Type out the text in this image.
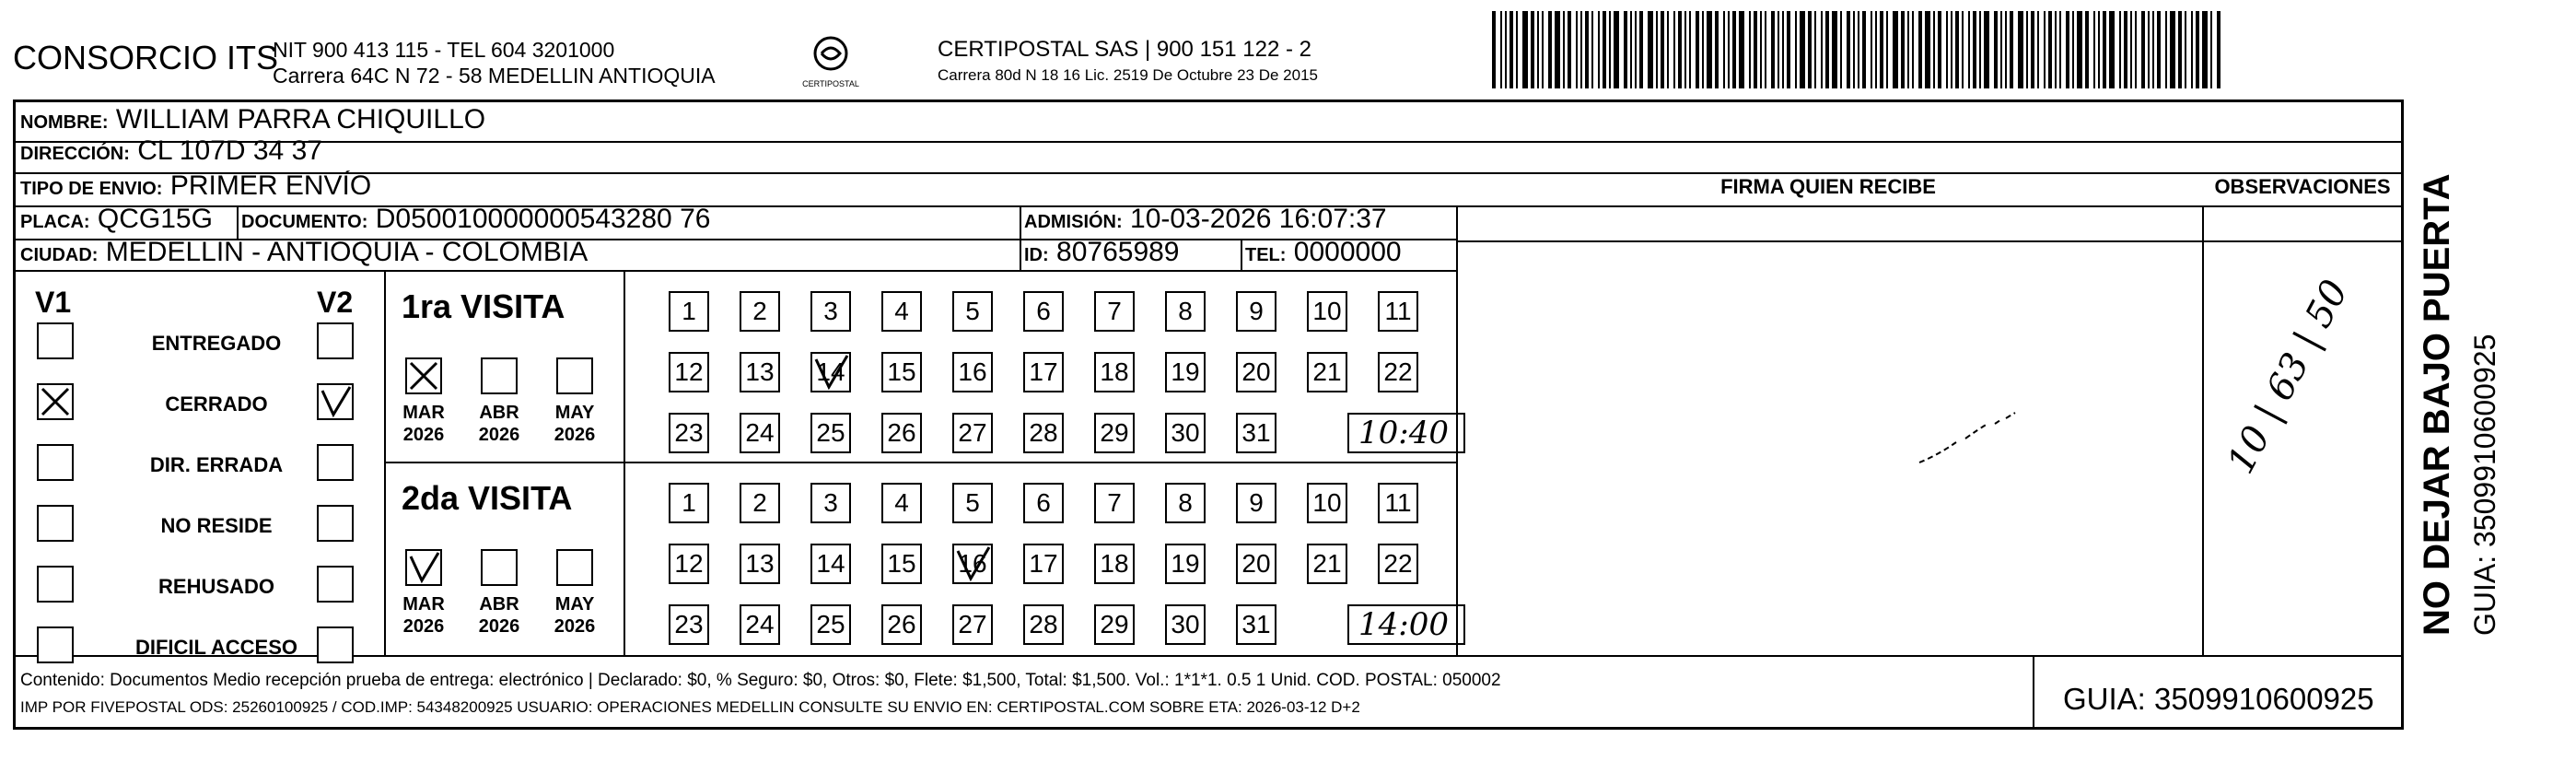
CONSORCIO ITS
NIT 900 413 115 - TEL 604 3201000
Carrera 64C N 72 - 58 MEDELLIN ANTIOQUIA	CERTIPOSTAL
CERTIPOSTAL SAS | 900 151 122 - 2
Carrera 80d N 18 16 Lic. 2519 De Octubre 23 De 2015
NOMBRE: WILLIAM PARRA CHIQUILLO
DIRECCIÓN: CL 107D 34 37
TIPO DE ENVIO: PRIMER ENVÍO
PLACA: QCG15G DOCUMENTO: D050010000000543280 76	ADMISIÓN: 10-03-2026 16:07:37
CIUDAD: MEDELLIN - ANTIOQUIA - COLOMBIA	ID: 80765989	TEL: 0000000
FIRMA QUIEN RECIBE	OBSERVACIONES
10 | 63 | 50
V1	V2
ENTREGADO
CERRADO
DIR. ERRADA
NO RESIDE
REHUSADO
DIFICIL ACCESO
1ra VISITA
MAR
2026
ABR
2026
MAY
2026
1	2	3	4	5	6	7	8	9	10 11
12 13 14 15 16 17 18 19 20 21 22
23 24 25 26 27 28 29 30 31	10:40
2da VISITA
MAR
2026
ABR
2026
MAY
2026
1	2	3	4	5	6	7	8	9	10 11
12 13 14 15 16 17 18 19 20 21 22
23 24 25 26 27 28 29 30 31	14:00	NO DEJAR BAJO PUERTA GUIA: 3509910600925
Contenido: Documentos Medio recepción prueba de entrega: electrónico | Declarado: $0, % Seguro: $0, Otros: $0, Flete: $1,500, Total: $1,500. Vol.: 1*1*1. 0.5 1 Unid. COD. POSTAL: 050002
IMP POR FIVEPOSTAL ODS: 25260100925 / COD.IMP: 54348200925 USUARIO: OPERACIONES MEDELLIN CONSULTE SU ENVIO EN: CERTIPOSTAL.COM SOBRE ETA: 2026-03-12 D+2	GUIA: 3509910600925
